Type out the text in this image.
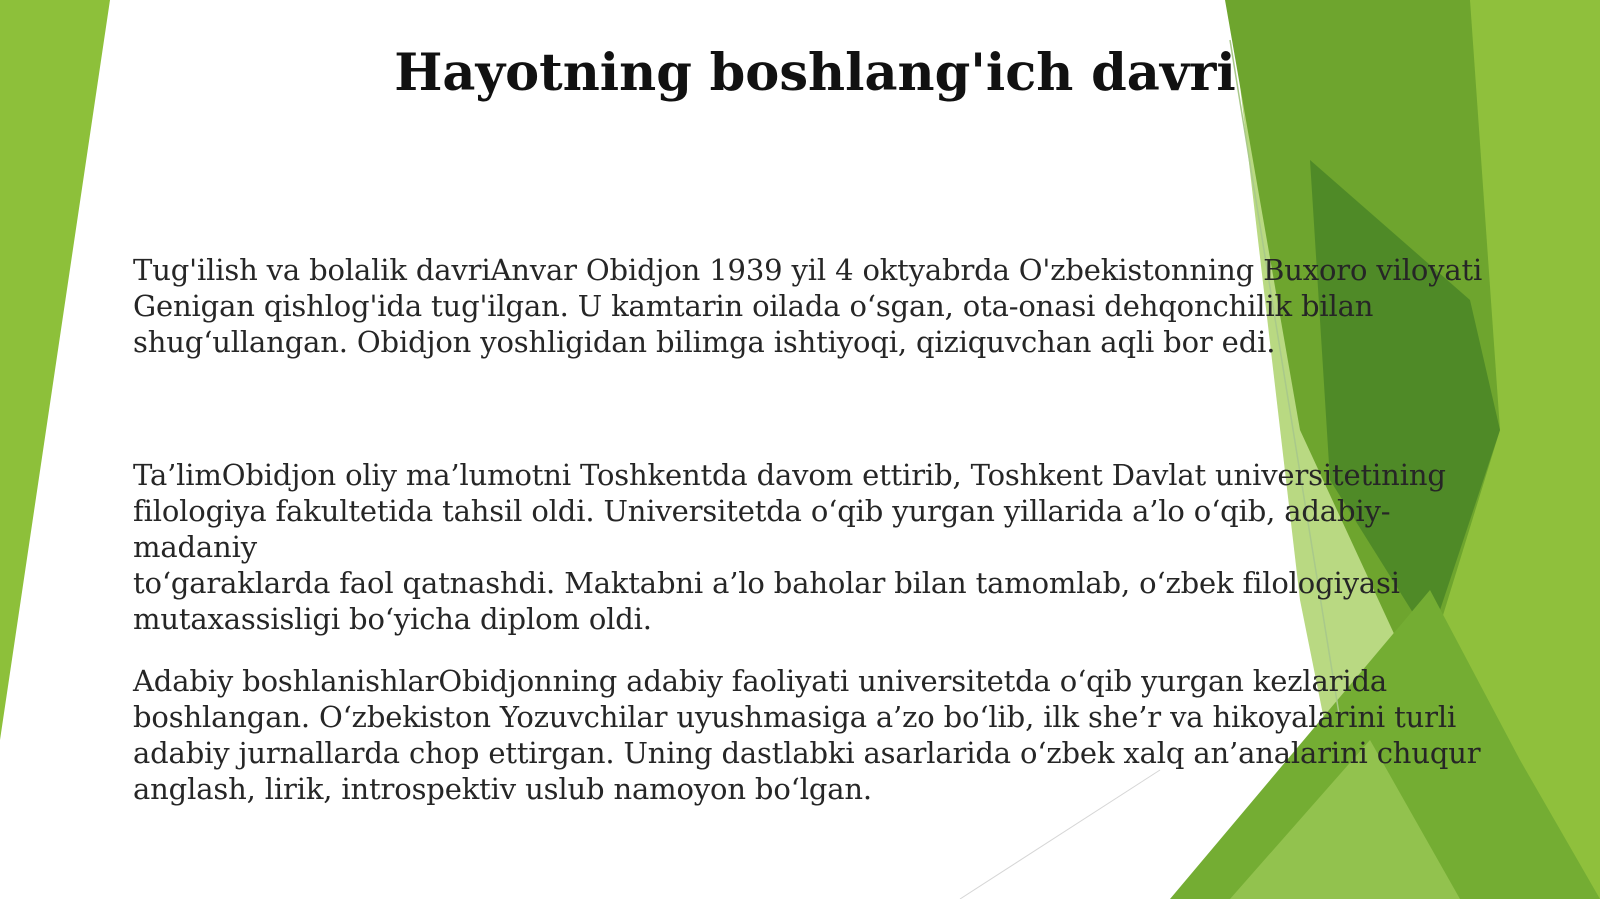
Hayotning boshlang'ich davri
Tug'ilish va bolalik davriAnvar Obidjon 1939 yil 4 oktyabrda O'zbekistonning Buxoro viloyati
Genigan qishlog'ida tug'ilgan. U kamtarin oilada o‘sgan, ota-onasi dehqonchilik bilan
shug‘ullangan. Obidjon yoshligidan bilimga ishtiyoqi, qiziquvchan aqli bor edi.
Ta’limObidjon oliy ma’lumotni Toshkentda davom ettirib, Toshkent Davlat universitetining
filologiya fakultetida tahsil oldi. Universitetda o‘qib yurgan yillarida a’lo o‘qib, adabiy-madaniy
to‘garaklarda faol qatnashdi. Maktabni a’lo baholar bilan tamomlab, o‘zbek filologiyasi
mutaxassisligi bo‘yicha diplom oldi.
Adabiy boshlanishlarObidjonning adabiy faoliyati universitetda o‘qib yurgan kezlarida
boshlangan. O‘zbekiston Yozuvchilar uyushmasiga a’zo bo‘lib, ilk she’r va hikoyalarini turli
adabiy jurnallarda chop ettirgan. Uning dastlabki asarlarida o‘zbek xalq an’analarini chuqur
anglash, lirik, introspektiv uslub namoyon bo‘lgan.
